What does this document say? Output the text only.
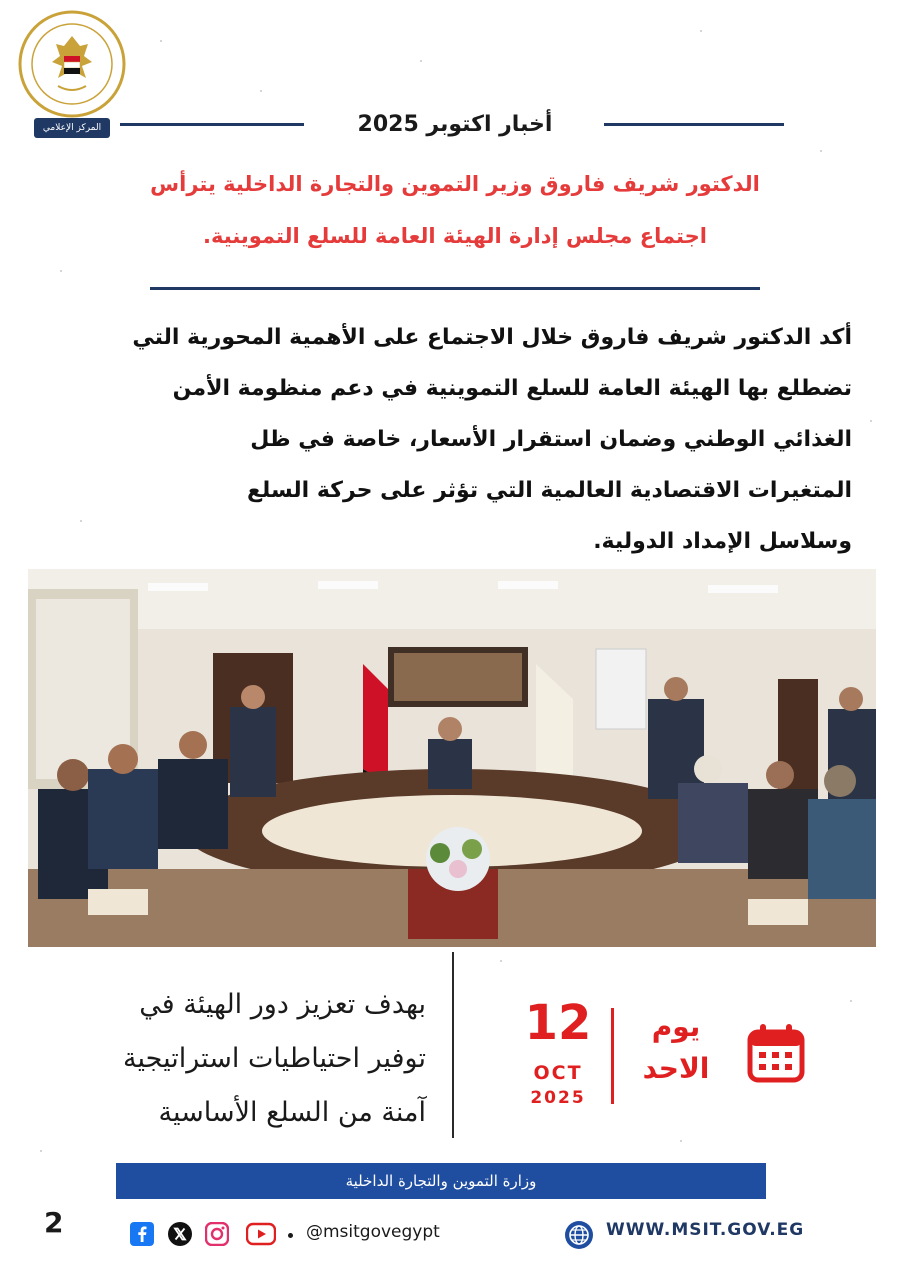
المركز الإعلامي	أخبار اكتوبر 2025
الدكتور شريف فاروق وزير التموين والتجارة الداخلية يترأس
اجتماع مجلس إدارة الهيئة العامة للسلع التموينية.
أكد الدكتور شريف فاروق خلال الاجتماع على الأهمية المحورية التي
تضطلع بها الهيئة العامة للسلع التموينية في دعم منظومة الأمن
الغذائي الوطني وضمان استقرار الأسعار، خاصة في ظل
المتغيرات الاقتصادية العالمية التي تؤثر على حركة السلع
وسلاسل الإمداد الدولية.
بهدف تعزيز دور الهيئة في
توفير احتياطيات استراتيجية
آمنة من السلع الأساسية
12
OCT
2025
يوم
الاحد
وزارة التموين والتجارة الداخلية
2	@msitgovegypt	WWW.MSIT.GOV.EG
